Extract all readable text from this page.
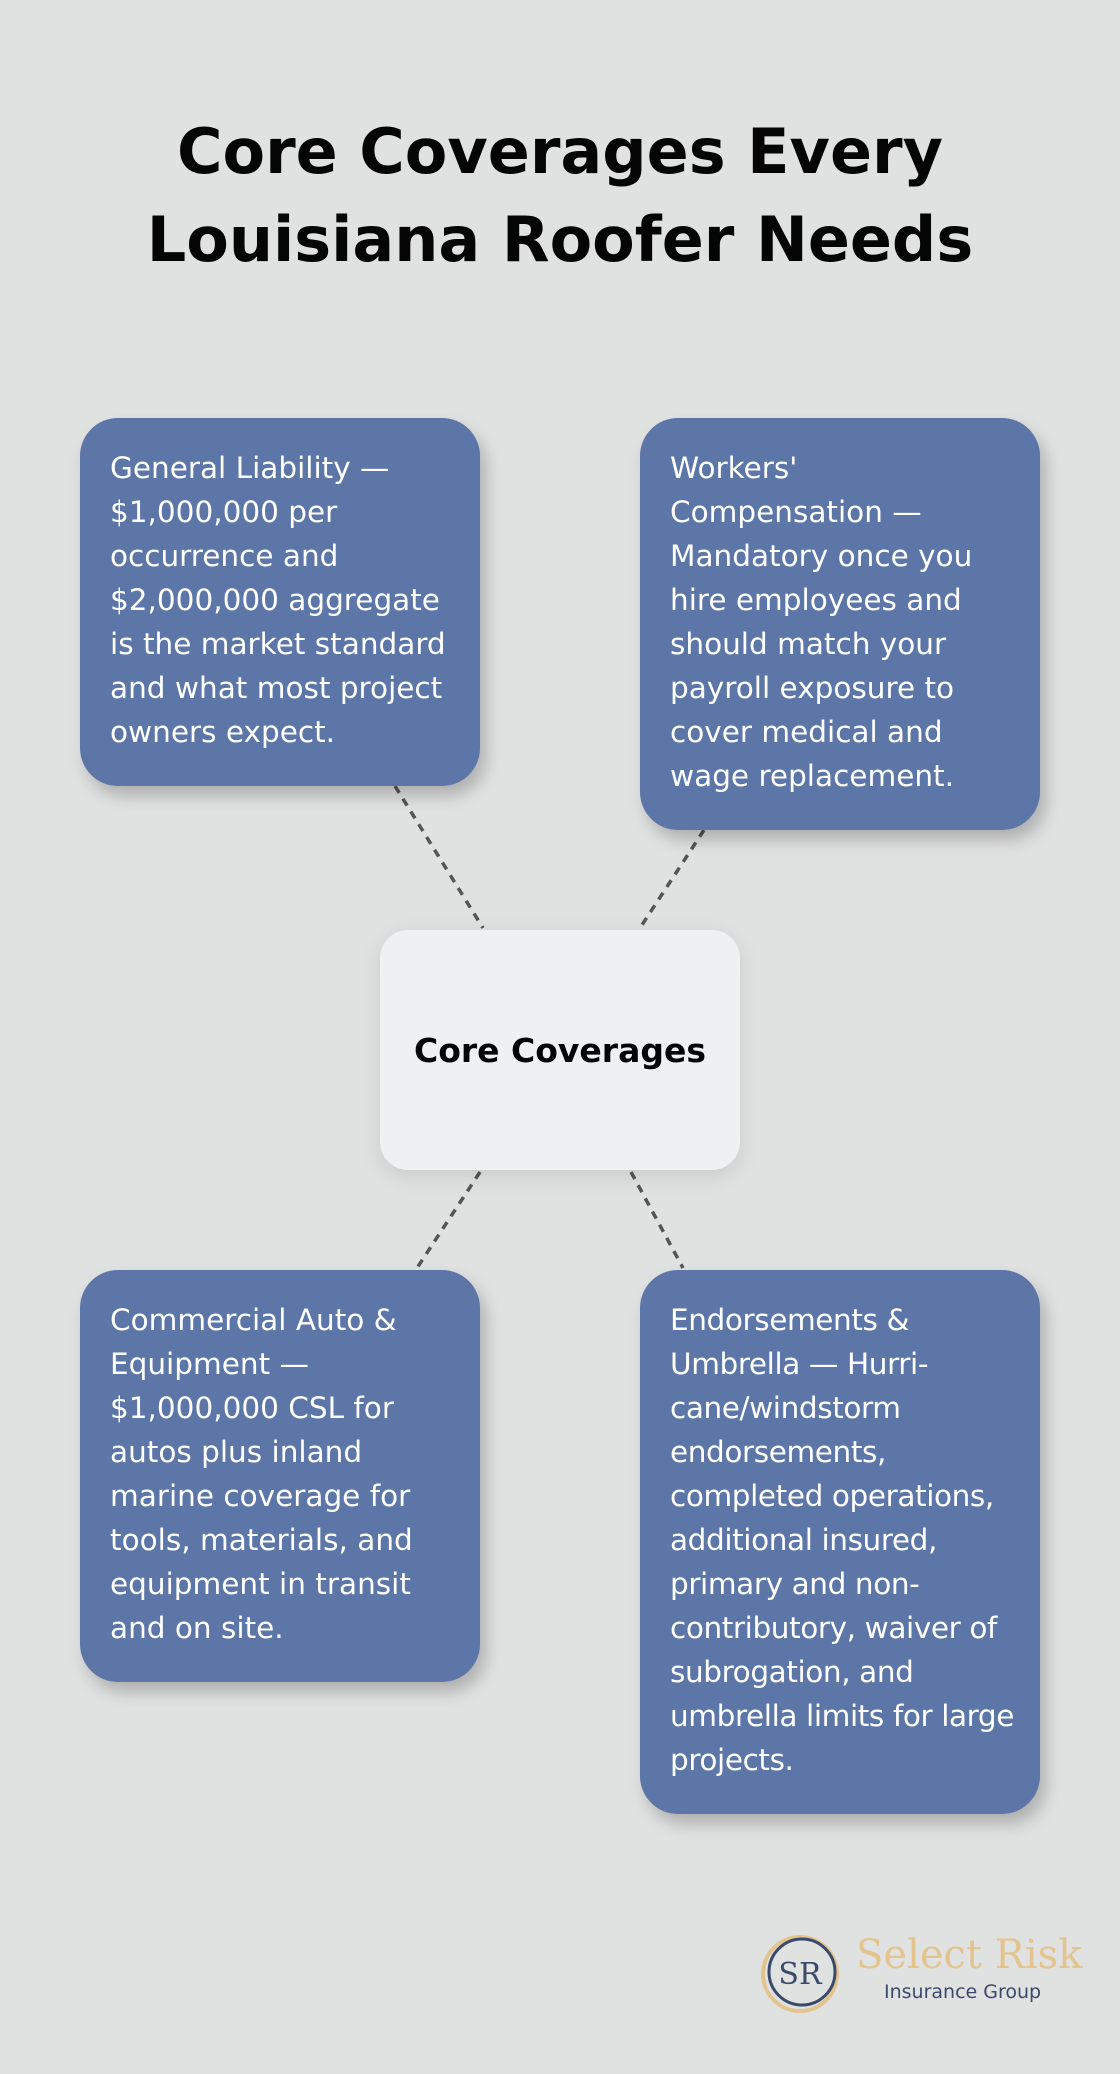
Core Coverages Every
Louisiana Roofer Needs
General Liability — $1,000,000 per occurrence and $2,000,000 aggregate is the market standard and what most project owners expect.
Workers' Compensation — Mandatory once you hire employees and should match your payroll exposure to cover medical and wage replacement.
Core Coverages
Commercial Auto & Equipment — $1,000,000 CSL for autos plus inland marine coverage for tools, materials, and equipment in transit and on site.
Endorsements & Umbrella — Hurri-cane/windstorm endorsements, completed operations, additional insured, primary and non-contributory, waiver of subrogation, and umbrella limits for large projects.
SR Select Risk
Insurance Group
